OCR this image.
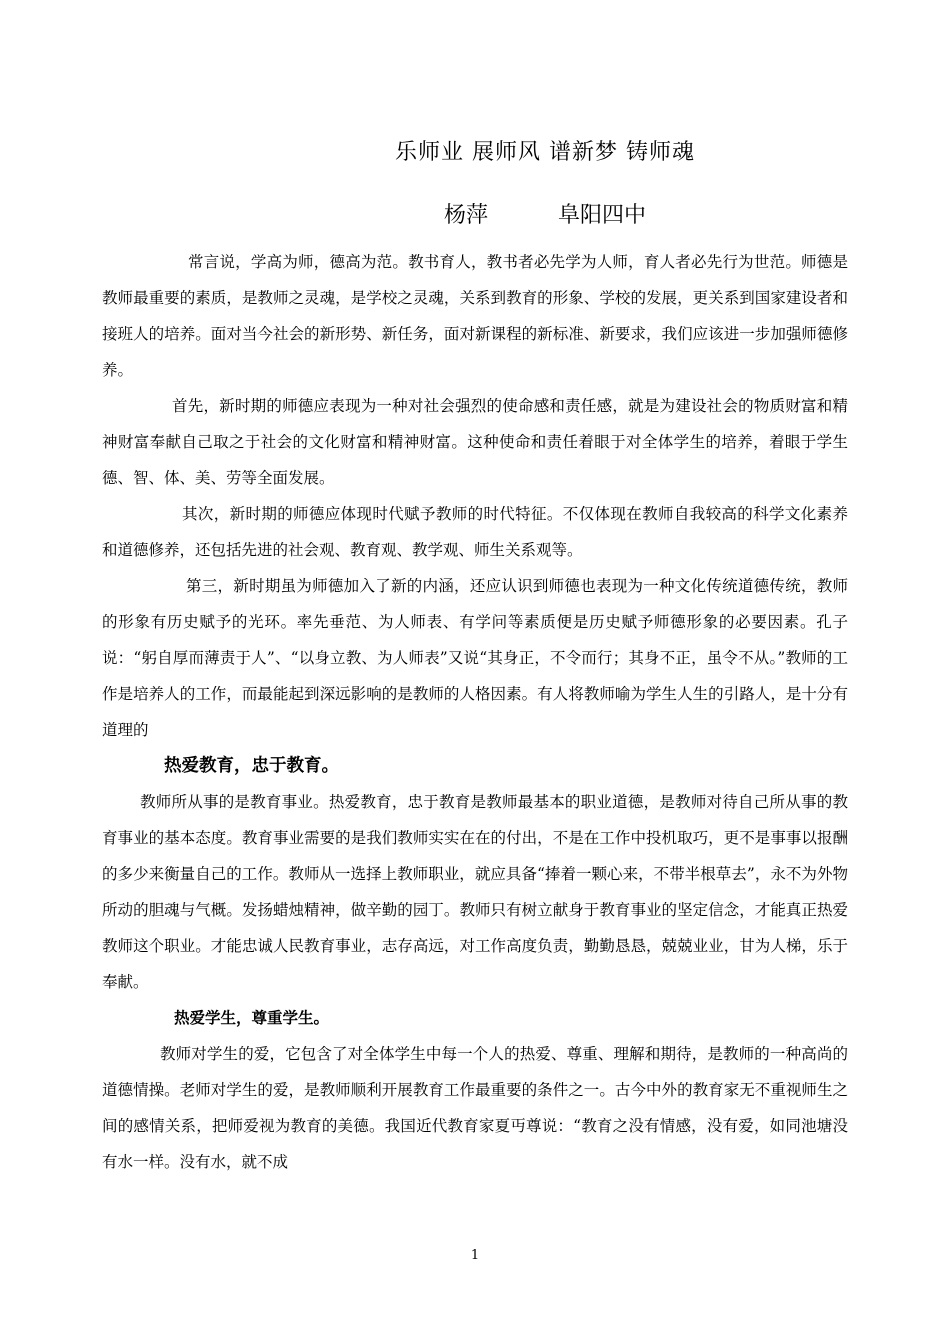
乐师业 展师风 谱新梦 铸师魂
杨萍	阜阳四中

常言说，学高为师，德高为范。教书育人，教书者必先学为人师，育人者必先行为世范。师德是教师最重要的素质，是教师之灵魂，是学校之灵魂，关系到教育的形象、学校的发展，更关系到国家建设者和接班人的培养。面对当今社会的新形势、新任务，面对新课程的新标准、新要求，我们应该进一步加强师德修养。

首先，新时期的师德应表现为一种对社会强烈的使命感和责任感，就是为建设社会的物质财富和精神财富奉献自己取之于社会的文化财富和精神财富。这种使命和责任着眼于对全体学生的培养，着眼于学生德、智、体、美、劳等全面发展。

其次，新时期的师德应体现时代赋予教师的时代特征。不仅体现在教师自我较高的科学文化素养和道德修养，还包括先进的社会观、教育观、教学观、师生关系观等。

第三，新时期虽为师德加入了新的内涵，还应认识到师德也表现为一种文化传统道德传统，教师的形象有历史赋予的光环。率先垂范、为人师表、有学问等素质便是历史赋予师德形象的必要因素。孔子说：“躬自厚而薄责于人”、“以身立教、为人师表”又说“其身正，不令而行；其身不正，虽令不从。”教师的工作是培养人的工作，而最能起到深远影响的是教师的人格因素。有人将教师喻为学生人生的引路人，是十分有道理的

热爱教育，忠于教育。

教师所从事的是教育事业。热爱教育，忠于教育是教师最基本的职业道德，是教师对待自己所从事的教育事业的基本态度。教育事业需要的是我们教师实实在在的付出，不是在工作中投机取巧，更不是事事以报酬的多少来衡量自己的工作。教师从一选择上教师职业，就应具备“捧着一颗心来，不带半根草去”，永不为外物所动的胆魂与气概。发扬蜡烛精神，做辛勤的园丁。教师只有树立献身于教育事业的坚定信念，才能真正热爱教师这个职业。才能忠诚人民教育事业，志存高远，对工作高度负责，勤勤恳恳，兢兢业业，甘为人梯，乐于奉献。

热爱学生，尊重学生。

教师对学生的爱，它包含了对全体学生中每一个人的热爱、尊重、理解和期待，是教师的一种高尚的道德情操。老师对学生的爱，是教师顺利开展教育工作最重要的条件之一。古今中外的教育家无不重视师生之间的感情关系，把师爱视为教育的美德。我国近代教育家夏丏尊说：“教育之没有情感，没有爱，如同池塘没有水一样。没有水，就不成

1
